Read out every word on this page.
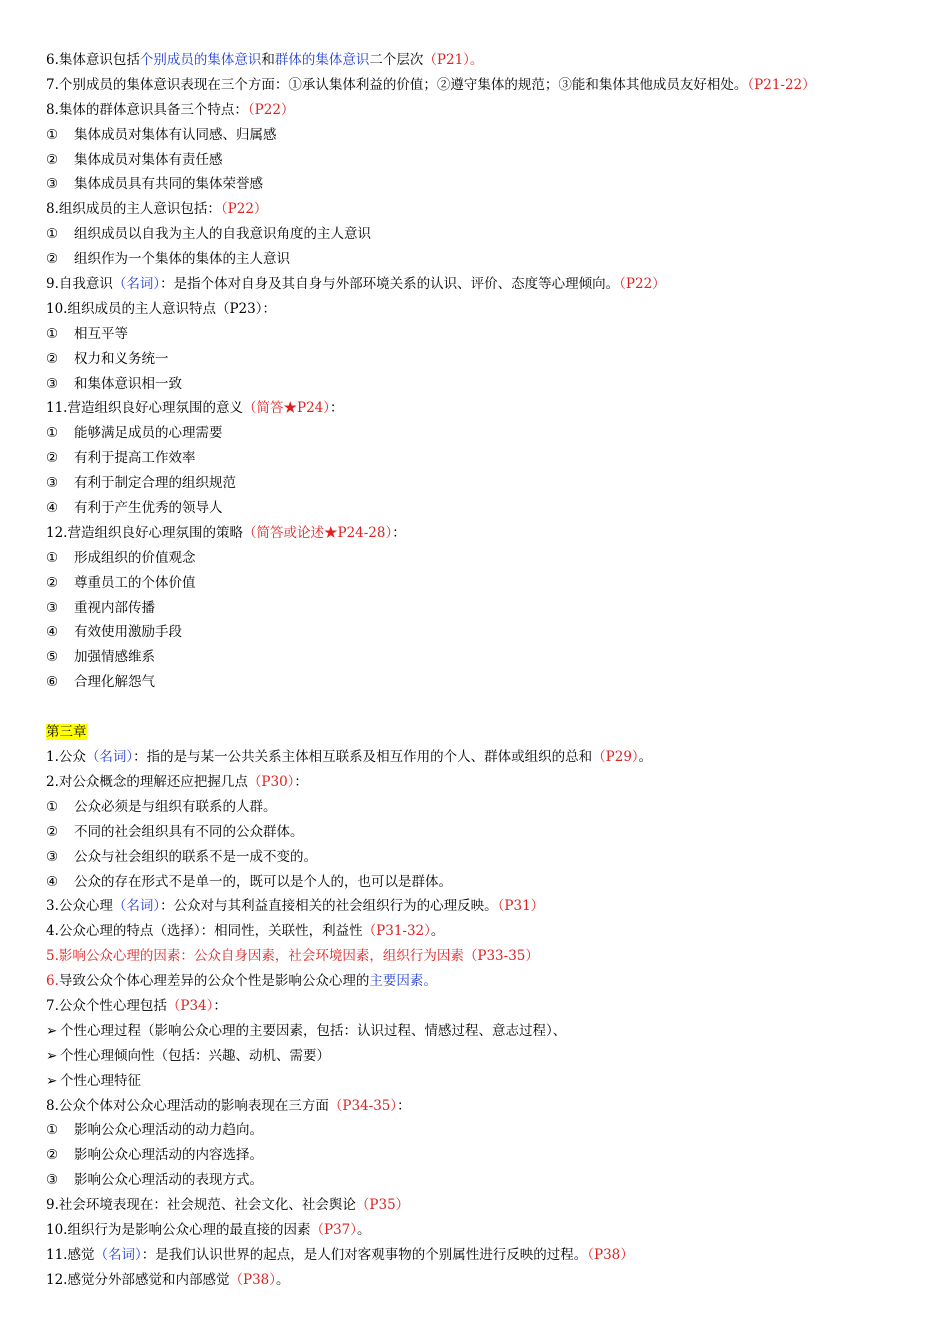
6.集体意识包括个别成员的集体意识和群体的集体意识二个层次（P21）。
7.个别成员的集体意识表现在三个方面：①承认集体利益的价值；②遵守集体的规范；③能和集体其他成员友好相处。（P21-22）
8.集体的群体意识具备三个特点：（P22）
① 集体成员对集体有认同感、归属感
② 集体成员对集体有责任感
③ 集体成员具有共同的集体荣誉感
8.组织成员的主人意识包括：（P22）
① 组织成员以自我为主人的自我意识角度的主人意识
② 组织作为一个集体的集体的主人意识
9.自我意识（名词）：是指个体对自身及其自身与外部环境关系的认识、评价、态度等心理倾向。（P22）
10.组织成员的主人意识特点（P23）：
① 相互平等
② 权力和义务统一
③ 和集体意识相一致
11.营造组织良好心理氛围的意义（简答★P24）：
① 能够满足成员的心理需要
② 有利于提高工作效率
③ 有利于制定合理的组织规范
④ 有利于产生优秀的领导人
12.营造组织良好心理氛围的策略（简答或论述★P24-28）：
① 形成组织的价值观念
② 尊重员工的个体价值
③ 重视内部传播
④ 有效使用激励手段
⑤ 加强情感维系
⑥ 合理化解怨气
第三章
1.公众（名词）：指的是与某一公共关系主体相互联系及相互作用的个人、群体或组织的总和（P29）。
2.对公众概念的理解还应把握几点（P30）：
① 公众必须是与组织有联系的人群。
② 不同的社会组织具有不同的公众群体。
③ 公众与社会组织的联系不是一成不变的。
④ 公众的存在形式不是单一的，既可以是个人的，也可以是群体。
3.公众心理（名词）：公众对与其利益直接相关的社会组织行为的心理反映。（P31）
4.公众心理的特点（选择）：相同性，关联性，利益性（P31-32）。
5.影响公众心理的因素：公众自身因素，社会环境因素，组织行为因素（P33-35）
6.导致公众个体心理差异的公众个性是影响公众心理的主要因素。
7.公众个性心理包括（P34）：
➢ 个性心理过程（影响公众心理的主要因素，包括：认识过程、情感过程、意志过程）、
➢ 个性心理倾向性（包括：兴趣、动机、需要）
➢ 个性心理特征
8.公众个体对公众心理活动的影响表现在三方面（P34-35）：
① 影响公众心理活动的动力趋向。
② 影响公众心理活动的内容选择。
③ 影响公众心理活动的表现方式。
9.社会环境表现在：社会规范、社会文化、社会舆论（P35）
10.组织行为是影响公众心理的最直接的因素（P37）。
11.感觉（名词）：是我们认识世界的起点，是人们对客观事物的个别属性进行反映的过程。（P38）
12.感觉分外部感觉和内部感觉（P38）。
